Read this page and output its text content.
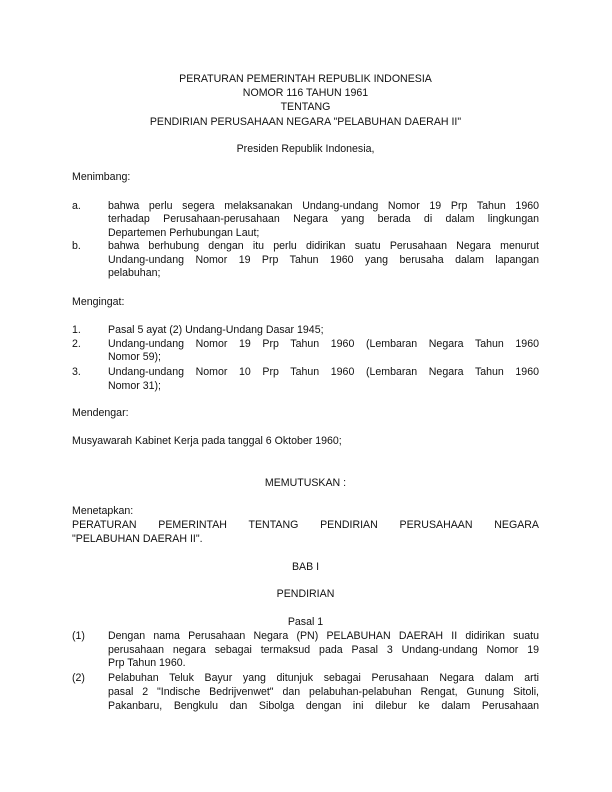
PERATURAN PEMERINTAH REPUBLIK INDONESIA
NOMOR 116 TAHUN 1961
TENTANG
PENDIRIAN PERUSAHAAN NEGARA "PELABUHAN DAERAH II"
Presiden Republik Indonesia,
Menimbang:
a.	bahwa perlu segera melaksanakan Undang-undang Nomor 19 Prp Tahun 1960
terhadap Perusahaan-perusahaan Negara yang berada di dalam lingkungan
Departemen Perhubungan Laut;
b.	bahwa berhubung dengan itu perlu didirikan suatu Perusahaan Negara menurut
Undang-undang Nomor 19 Prp Tahun 1960 yang berusaha dalam lapangan
pelabuhan;
Mengingat:
1.	Pasal 5 ayat (2) Undang-Undang Dasar 1945;
2.	Undang-undang Nomor 19 Prp Tahun 1960 (Lembaran Negara Tahun 1960
Nomor 59);
3.	Undang-undang Nomor 10 Prp Tahun 1960 (Lembaran Negara Tahun 1960
Nomor 31);
Mendengar:
Musyawarah Kabinet Kerja pada tanggal 6 Oktober 1960;
MEMUTUSKAN :
Menetapkan:
PERATURAN PEMERINTAH TENTANG PENDIRIAN PERUSAHAAN NEGARA
"PELABUHAN DAERAH II".
BAB I
PENDIRIAN
Pasal 1
(1) Dengan nama Perusahaan Negara (PN) PELABUHAN DAERAH II didirikan suatu
perusahaan negara sebagai termaksud pada Pasal 3 Undang-undang Nomor 19
Prp Tahun 1960.
(2) Pelabuhan Teluk Bayur yang ditunjuk sebagai Perusahaan Negara dalam arti
pasal 2 "Indische Bedrijvenwet" dan pelabuhan-pelabuhan Rengat, Gunung Sitoli,
Pakanbaru, Bengkulu dan Sibolga dengan ini dilebur ke dalam Perusahaan
